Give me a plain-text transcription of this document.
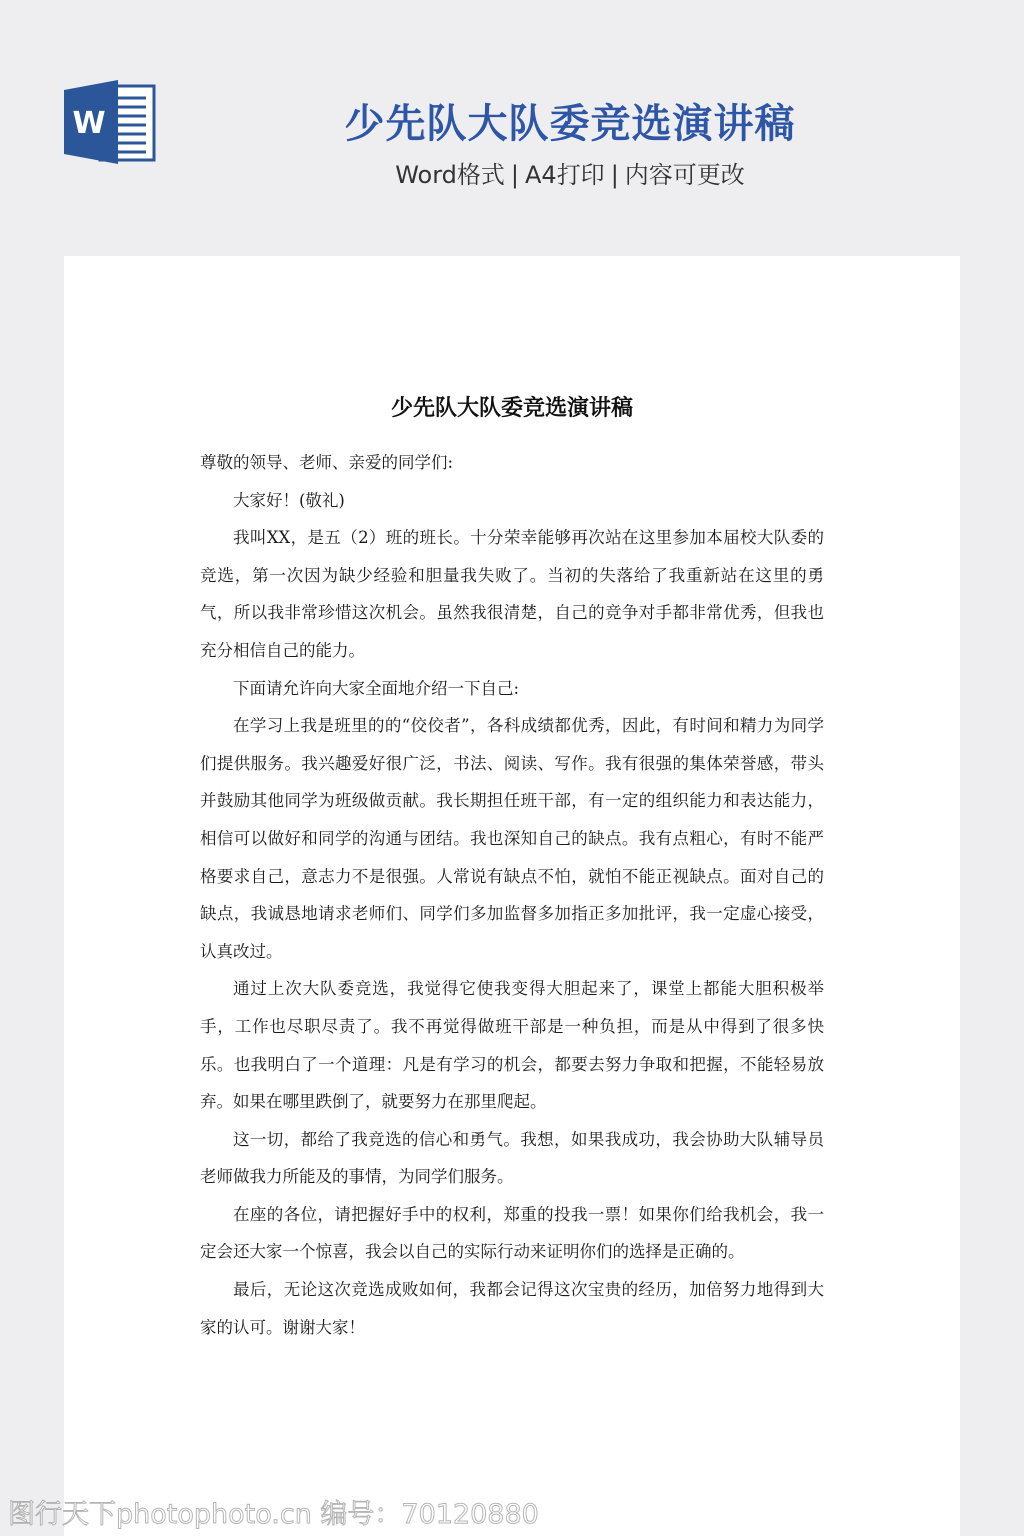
W	少先队大队委竞选演讲稿
Word格式 | A4打印 | 内容可更改
少先队大队委竞选演讲稿

尊敬的领导、老师、亲爱的同学们:

大家好！(敬礼)

我叫XX，是五（2）班的班长。十分荣幸能够再次站在这里参加本届校大队委的竞选，第一次因为缺少经验和胆量我失败了。当初的失落给了我重新站在这里的勇气，所以我非常珍惜这次机会。虽然我很清楚，自己的竞争对手都非常优秀，但我也充分相信自己的能力。

下面请允许向大家全面地介绍一下自己:

在学习上我是班里的的“佼佼者”，各科成绩都优秀，因此，有时间和精力为同学们提供服务。我兴趣爱好很广泛，书法、阅读、写作。我有很强的集体荣誉感，带头并鼓励其他同学为班级做贡献。我长期担任班干部，有一定的组织能力和表达能力，相信可以做好和同学的沟通与团结。我也深知自己的缺点。我有点粗心，有时不能严格要求自己，意志力不是很强。人常说有缺点不怕，就怕不能正视缺点。面对自己的缺点，我诚恳地请求老师们、同学们多加监督多加指正多加批评，我一定虚心接受，认真改过。

通过上次大队委竞选，我觉得它使我变得大胆起来了，课堂上都能大胆积极举手，工作也尽职尽责了。我不再觉得做班干部是一种负担，而是从中得到了很多快乐。也我明白了一个道理：凡是有学习的机会，都要去努力争取和把握，不能轻易放弃。如果在哪里跌倒了，就要努力在那里爬起。

这一切，都给了我竞选的信心和勇气。我想，如果我成功，我会协助大队辅导员老师做我力所能及的事情，为同学们服务。

在座的各位，请把握好手中的权利，郑重的投我一票！如果你们给我机会，我一定会还大家一个惊喜，我会以自己的实际行动来证明你们的选择是正确的。

最后，无论这次竞选成败如何，我都会记得这次宝贵的经历，加倍努力地得到大家的认可。谢谢大家！

图行天下photophoto.cn 编号：70120880
